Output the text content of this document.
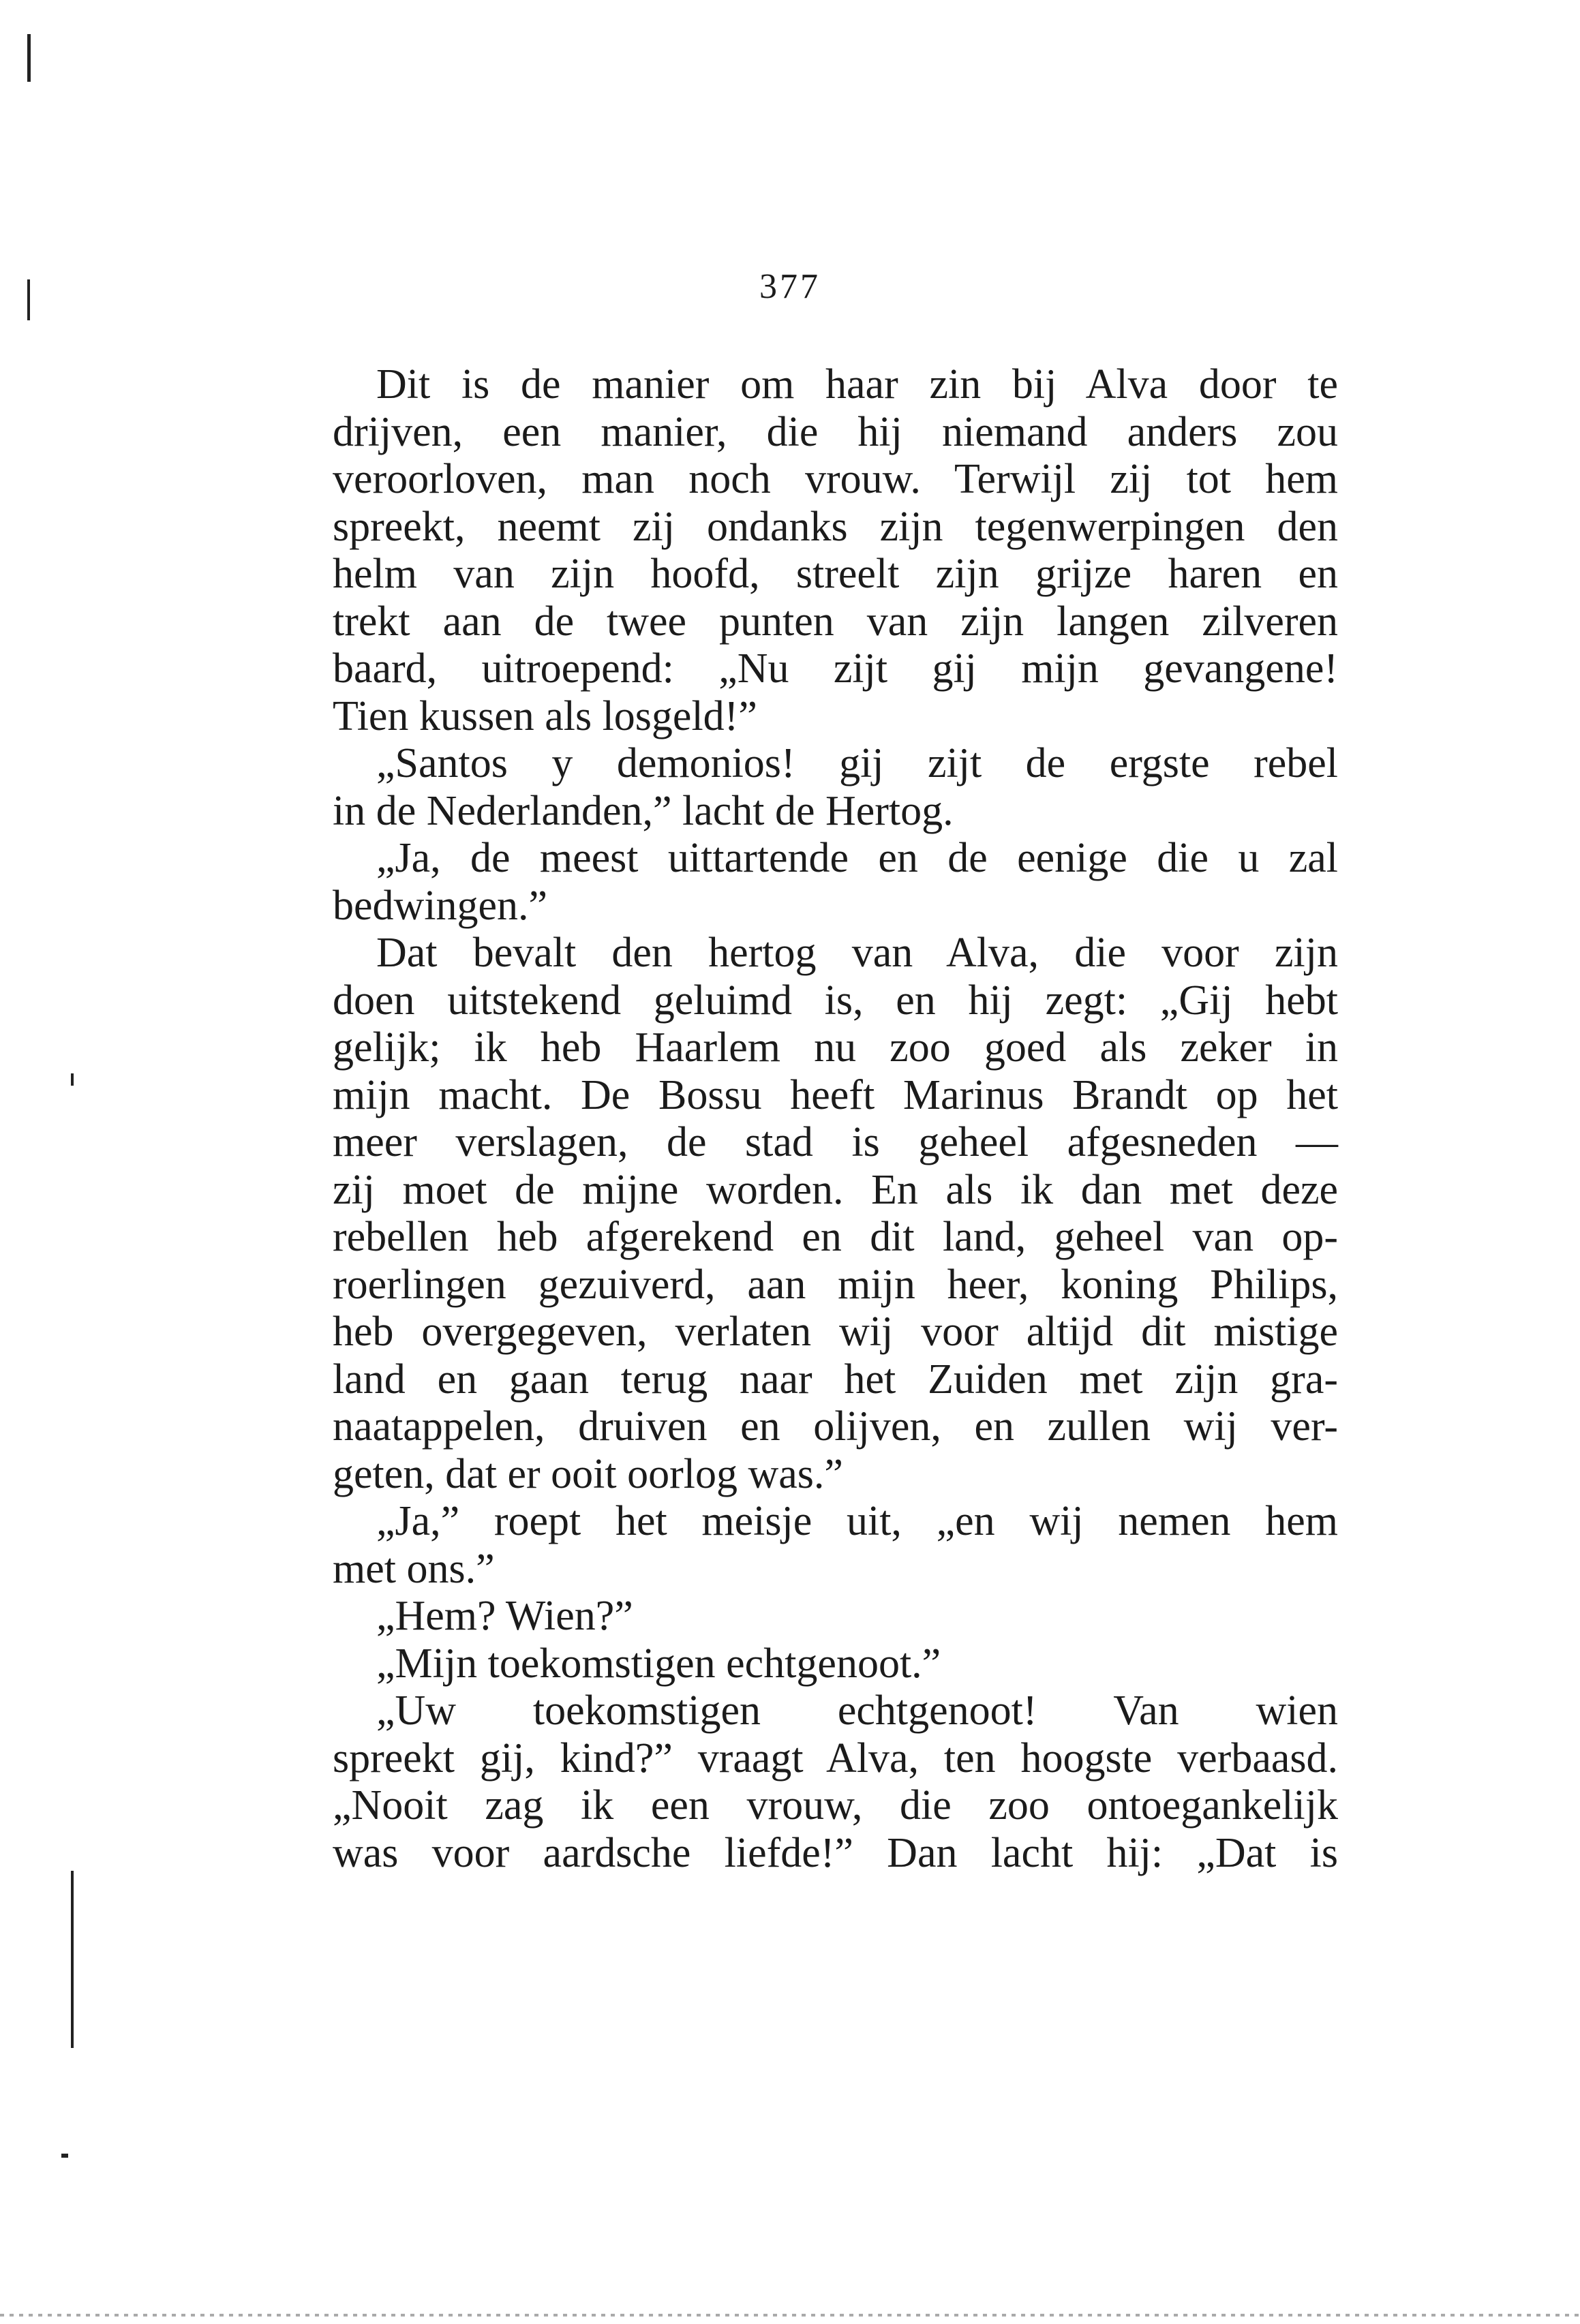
377
Dit is de manier om haar zin bij Alva door te
drijven, een manier, die hij niemand anders zou
veroorloven, man noch vrouw. Terwijl zij tot hem
spreekt, neemt zij ondanks zijn tegenwerpingen den
helm van zijn hoofd, streelt zijn grijze haren en
trekt aan de twee punten van zijn langen zilveren
baard, uitroepend: „Nu zijt gij mijn gevangene!
Tien kussen als losgeld!”
„Santos y demonios! gij zijt de ergste rebel
in de Nederlanden,” lacht de Hertog.
„Ja, de meest uittartende en de eenige die u zal
bedwingen.”
Dat bevalt den hertog van Alva, die voor zijn
doen uitstekend geluimd is, en hij zegt: „Gij hebt
gelijk; ik heb Haarlem nu zoo goed als zeker in
mijn macht. De Bossu heeft Marinus Brandt op het
meer verslagen, de stad is geheel afgesneden —
zij moet de mijne worden. En als ik dan met deze
rebellen heb afgerekend en dit land, geheel van op-
roerlingen gezuiverd, aan mijn heer, koning Philips,
heb overgegeven, verlaten wij voor altijd dit mistige
land en gaan terug naar het Zuiden met zijn gra-
naatappelen, druiven en olijven, en zullen wij ver-
geten, dat er ooit oorlog was.”
„Ja,” roept het meisje uit, „en wij nemen hem
met ons.”
„Hem? Wien?”
„Mijn toekomstigen echtgenoot.”
„Uw toekomstigen echtgenoot! Van wien
spreekt gij, kind?” vraagt Alva, ten hoogste verbaasd.
„Nooit zag ik een vrouw, die zoo ontoegankelijk
was voor aardsche liefde!” Dan lacht hij: „Dat is
